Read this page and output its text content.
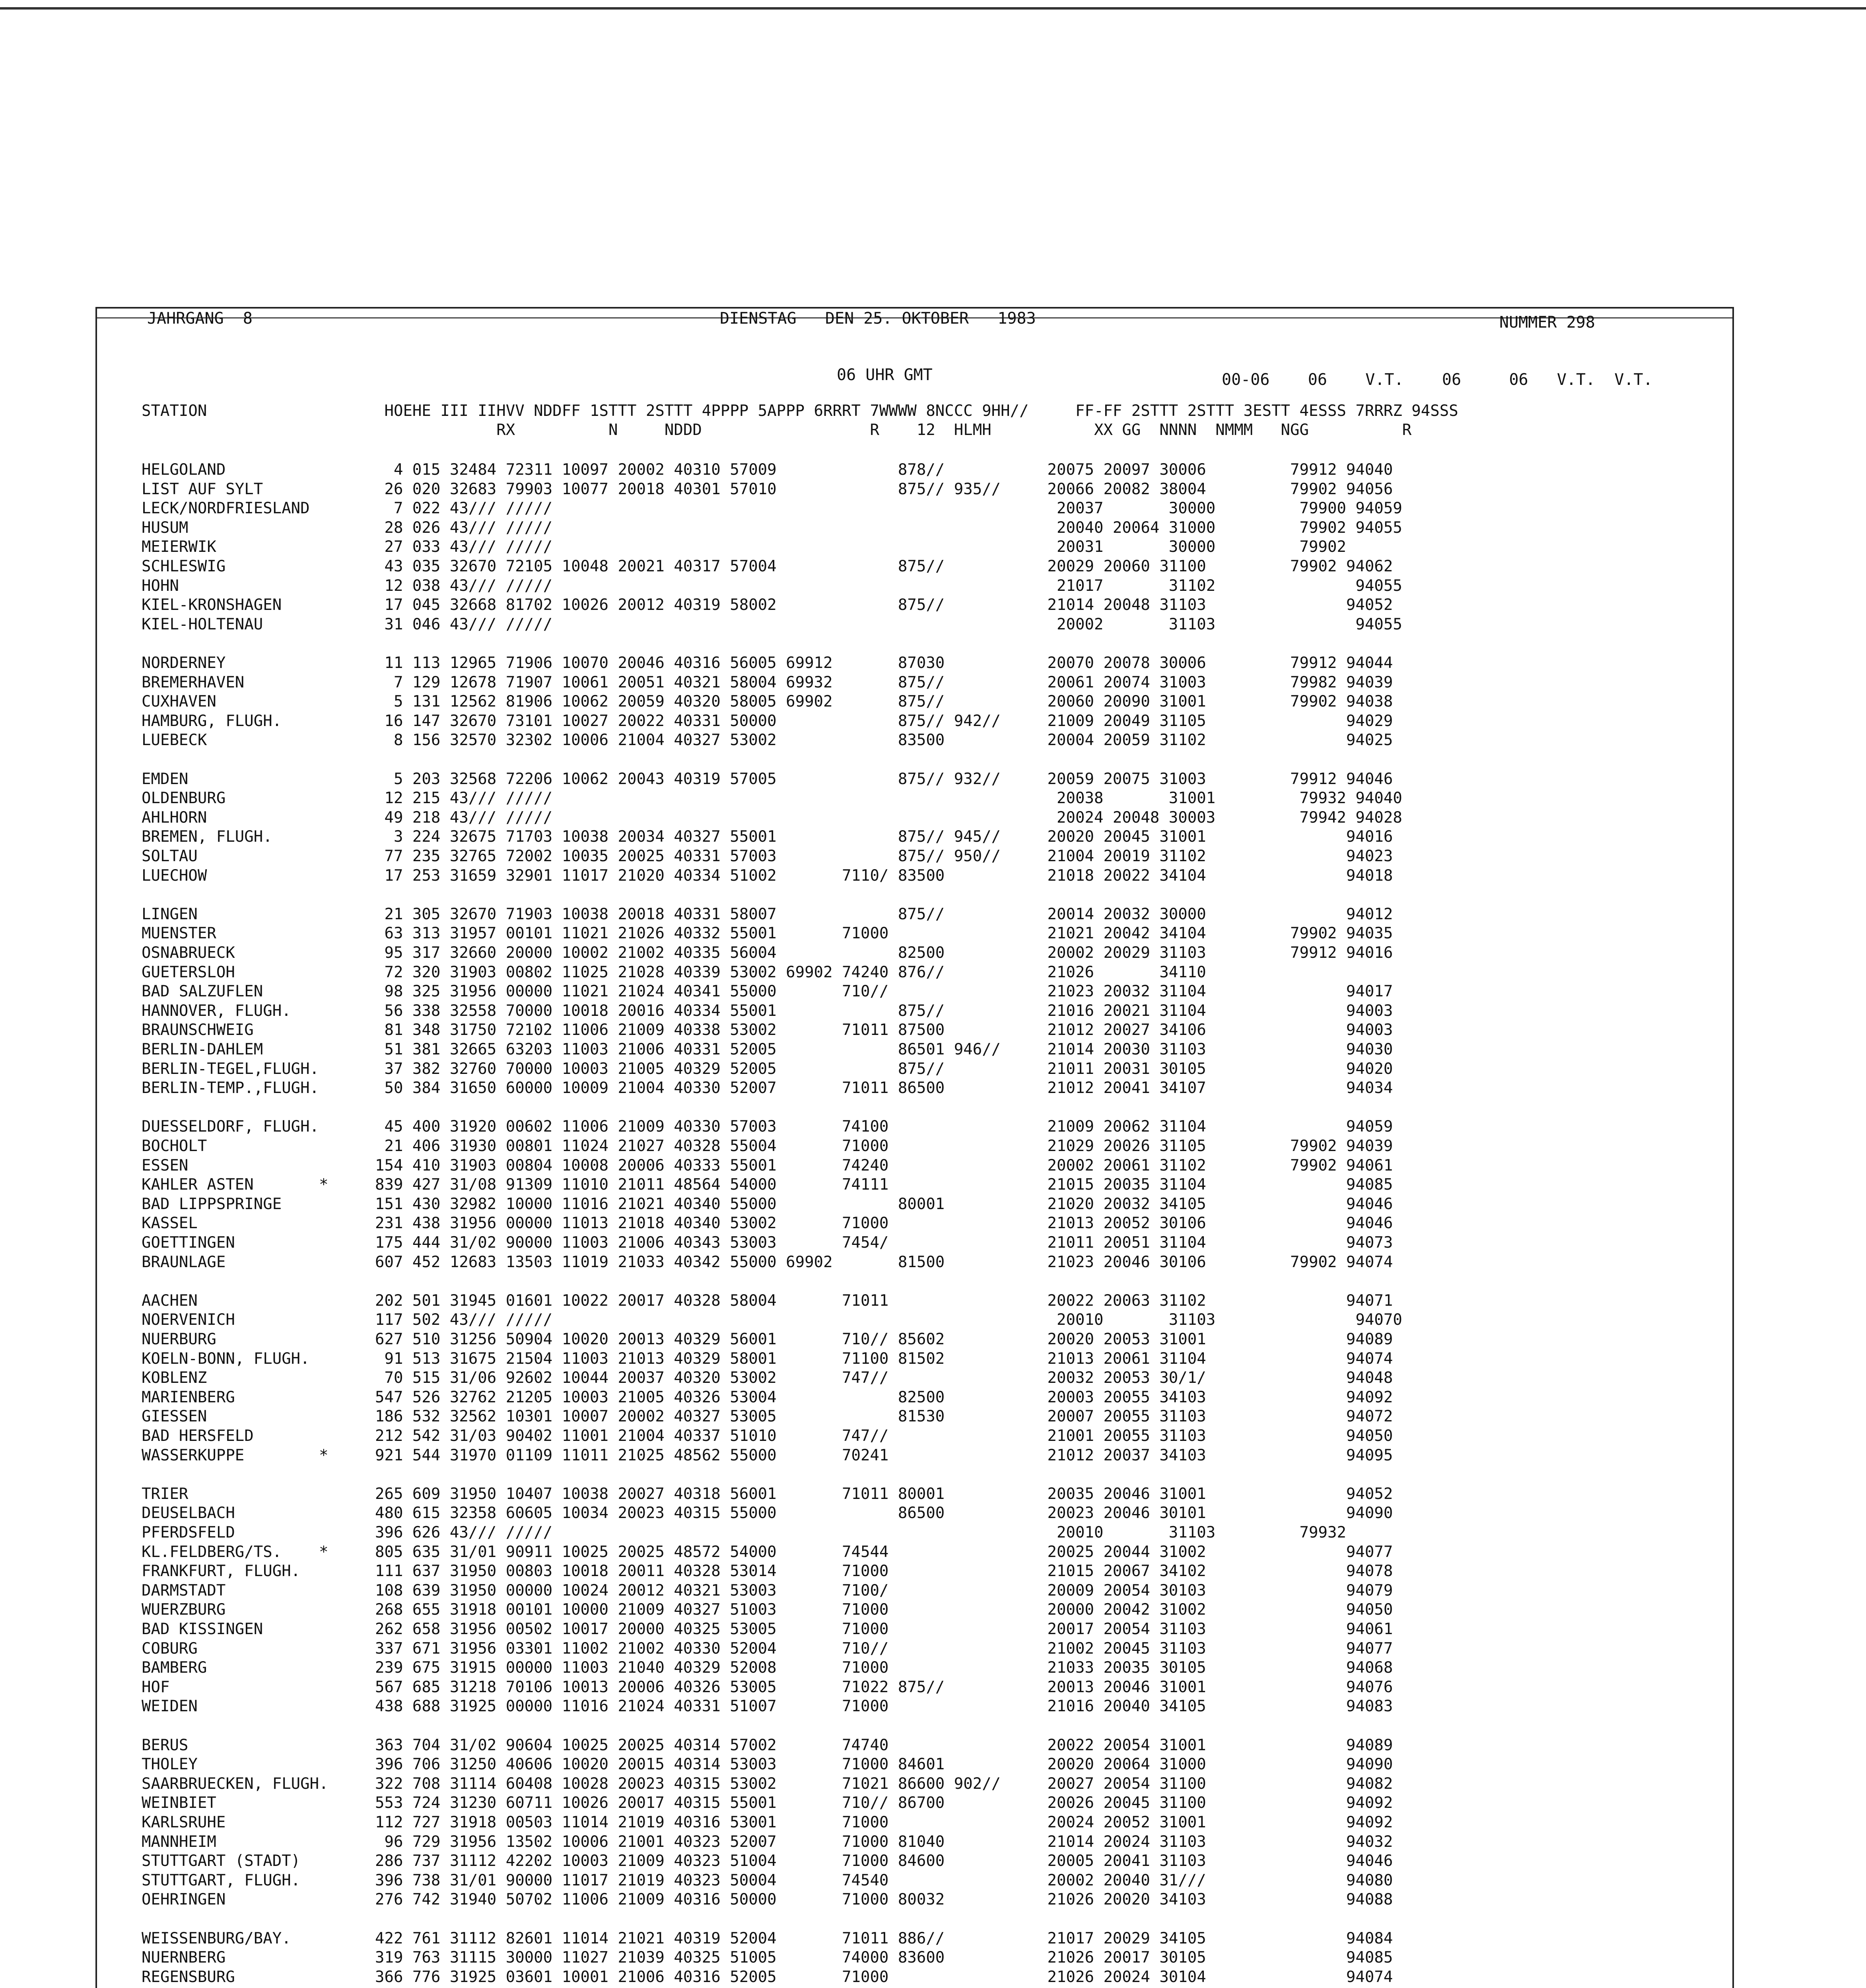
JAHRGANG  8	DIENSTAG   DEN 25. OKTOBER   1983	NUMMER 298
06 UHR GMT	00-06    06    V.T.    06     06   V.T.  V.T.
STATION                   HOEHE III IIHVV NDDFF 1STTT 2STTT 4PPPP 5APPP 6RRRT 7WWWW 8NCCC 9HH//     FF-FF 2STTT 2STTT 3ESTT 4ESSS 7RRRZ 94SSS
RX          N     NDDD                  R    12  HLMH           XX GG  NNNN  NMMM   NGG          R
HELGOLAND                  4 015 32484 72311 10097 20002 40310 57009             878//           20075 20097 30006         79912 94040
LIST AUF SYLT             26 020 32683 79903 10077 20018 40301 57010             875// 935//     20066 20082 38004         79902 94056
LECK/NORDFRIESLAND         7 022 43/// /////                                                      20037       30000         79900 94059
HUSUM                     28 026 43/// /////                                                      20040 20064 31000         79902 94055
MEIERWIK                  27 033 43/// /////                                                      20031       30000         79902
SCHLESWIG                 43 035 32670 72105 10048 20021 40317 57004             875//           20029 20060 31100         79902 94062
HOHN                      12 038 43/// /////                                                      21017       31102               94055
KIEL-KRONSHAGEN           17 045 32668 81702 10026 20012 40319 58002             875//           21014 20048 31103               94052
KIEL-HOLTENAU             31 046 43/// /////                                                      20002       31103               94055
NORDERNEY                 11 113 12965 71906 10070 20046 40316 56005 69912       87030           20070 20078 30006         79912 94044
BREMERHAVEN                7 129 12678 71907 10061 20051 40321 58004 69932       875//           20061 20074 31003         79982 94039
CUXHAVEN                   5 131 12562 81906 10062 20059 40320 58005 69902       875//           20060 20090 31001         79902 94038
HAMBURG, FLUGH.           16 147 32670 73101 10027 20022 40331 50000             875// 942//     21009 20049 31105               94029
LUEBECK                    8 156 32570 32302 10006 21004 40327 53002             83500           20004 20059 31102               94025
EMDEN                      5 203 32568 72206 10062 20043 40319 57005             875// 932//     20059 20075 31003         79912 94046
OLDENBURG                 12 215 43/// /////                                                      20038       31001         79932 94040
AHLHORN                   49 218 43/// /////                                                      20024 20048 30003         79942 94028
BREMEN, FLUGH.             3 224 32675 71703 10038 20034 40327 55001             875// 945//     20020 20045 31001               94016
SOLTAU                    77 235 32765 72002 10035 20025 40331 57003             875// 950//     21004 20019 31102               94023
LUECHOW                   17 253 31659 32901 11017 21020 40334 51002       7110/ 83500           21018 20022 34104               94018
LINGEN                    21 305 32670 71903 10038 20018 40331 58007             875//           20014 20032 30000               94012
MUENSTER                  63 313 31957 00101 11021 21026 40332 55001       71000                 21021 20042 34104         79902 94035
OSNABRUECK                95 317 32660 20000 10002 21002 40335 56004             82500           20002 20029 31103         79912 94016
GUETERSLOH                72 320 31903 00802 11025 21028 40339 53002 69902 74240 876//           21026       34110
BAD SALZUFLEN             98 325 31956 00000 11021 21024 40341 55000       710//                 21023 20032 31104               94017
HANNOVER, FLUGH.          56 338 32558 70000 10018 20016 40334 55001             875//           21016 20021 31104               94003
BRAUNSCHWEIG              81 348 31750 72102 11006 21009 40338 53002       71011 87500           21012 20027 34106               94003
BERLIN-DAHLEM             51 381 32665 63203 11003 21006 40331 52005             86501 946//     21014 20030 31103               94030
BERLIN-TEGEL,FLUGH.       37 382 32760 70000 10003 21005 40329 52005             875//           21011 20031 30105               94020
BERLIN-TEMP.,FLUGH.       50 384 31650 60000 10009 21004 40330 52007       71011 86500           21012 20041 34107               94034
DUESSELDORF, FLUGH.       45 400 31920 00602 11006 21009 40330 57003       74100                 21009 20062 31104               94059
BOCHOLT                   21 406 31930 00801 11024 21027 40328 55004       71000                 21029 20026 31105         79902 94039
ESSEN                    154 410 31903 00804 10008 20006 40333 55001       74240                 20002 20061 31102         79902 94061
KAHLER ASTEN       *     839 427 31/08 91309 11010 21011 48564 54000       74111                 21015 20035 31104               94085
BAD LIPPSPRINGE          151 430 32982 10000 11016 21021 40340 55000             80001           21020 20032 34105               94046
KASSEL                   231 438 31956 00000 11013 21018 40340 53002       71000                 21013 20052 30106               94046
GOETTINGEN               175 444 31/02 90000 11003 21006 40343 53003       7454/                 21011 20051 31104               94073
BRAUNLAGE                607 452 12683 13503 11019 21033 40342 55000 69902       81500           21023 20046 30106         79902 94074
AACHEN                   202 501 31945 01601 10022 20017 40328 58004       71011                 20022 20063 31102               94071
NOERVENICH               117 502 43/// /////                                                      20010       31103               94070
NUERBURG                 627 510 31256 50904 10020 20013 40329 56001       710// 85602           20020 20053 31001               94089
KOELN-BONN, FLUGH.        91 513 31675 21504 11003 21013 40329 58001       71100 81502           21013 20061 31104               94074
KOBLENZ                   70 515 31/06 92602 10044 20037 40320 53002       747//                 20032 20053 30/1/               94048
MARIENBERG               547 526 32762 21205 10003 21005 40326 53004             82500           20003 20055 34103               94092
GIESSEN                  186 532 32562 10301 10007 20002 40327 53005             81530           20007 20055 31103               94072
BAD HERSFELD             212 542 31/03 90402 11001 21004 40337 51010       747//                 21001 20055 31103               94050
WASSERKUPPE        *     921 544 31970 01109 11011 21025 48562 55000       70241                 21012 20037 34103               94095
TRIER                    265 609 31950 10407 10038 20027 40318 56001       71011 80001           20035 20046 31001               94052
DEUSELBACH               480 615 32358 60605 10034 20023 40315 55000             86500           20023 20046 30101               94090
PFERDSFELD               396 626 43/// /////                                                      20010       31103         79932
KL.FELDBERG/TS.    *     805 635 31/01 90911 10025 20025 48572 54000       74544                 20025 20044 31002               94077
FRANKFURT, FLUGH.        111 637 31950 00803 10018 20011 40328 53014       71000                 21015 20067 34102               94078
DARMSTADT                108 639 31950 00000 10024 20012 40321 53003       7100/                 20009 20054 30103               94079
WUERZBURG                268 655 31918 00101 10000 21009 40327 51003       71000                 20000 20042 31002               94050
BAD KISSINGEN            262 658 31956 00502 10017 20000 40325 53005       71000                 20017 20054 31103               94061
COBURG                   337 671 31956 03301 11002 21002 40330 52004       710//                 21002 20045 31103               94077
BAMBERG                  239 675 31915 00000 11003 21040 40329 52008       71000                 21033 20035 30105               94068
HOF                      567 685 31218 70106 10013 20006 40326 53005       71022 875//           20013 20046 31001               94076
WEIDEN                   438 688 31925 00000 11016 21024 40331 51007       71000                 21016 20040 34105               94083
BERUS                    363 704 31/02 90604 10025 20025 40314 57002       74740                 20022 20054 31001               94089
THOLEY                   396 706 31250 40606 10020 20015 40314 53003       71000 84601           20020 20064 31000               94090
SAARBRUECKEN, FLUGH.     322 708 31114 60408 10028 20023 40315 53002       71021 86600 902//     20027 20054 31100               94082
WEINBIET                 553 724 31230 60711 10026 20017 40315 55001       710// 86700           20026 20045 31100               94092
KARLSRUHE                112 727 31918 00503 11014 21019 40316 53001       71000                 20024 20052 31001               94092
MANNHEIM                  96 729 31956 13502 10006 21001 40323 52007       71000 81040           21014 20024 31103               94032
STUTTGART (STADT)        286 737 31112 42202 10003 21009 40323 51004       71000 84600           20005 20041 31103               94046
STUTTGART, FLUGH.        396 738 31/01 90000 11017 21019 40323 50004       74540                 20002 20040 31///               94080
OEHRINGEN                276 742 31940 50702 11006 21009 40316 50000       71000 80032           21026 20020 34103               94088
WEISSENBURG/BAY.         422 761 31112 82601 11014 21021 40319 52004       71011 886//           21017 20029 34105               94084
NUERNBERG                319 763 31115 30000 11027 21039 40325 51005       74000 83600           21026 20017 30105               94085
REGENSBURG               366 776 31925 03601 10001 21006 40316 52005       71000                 21026 20024 30104               94074
